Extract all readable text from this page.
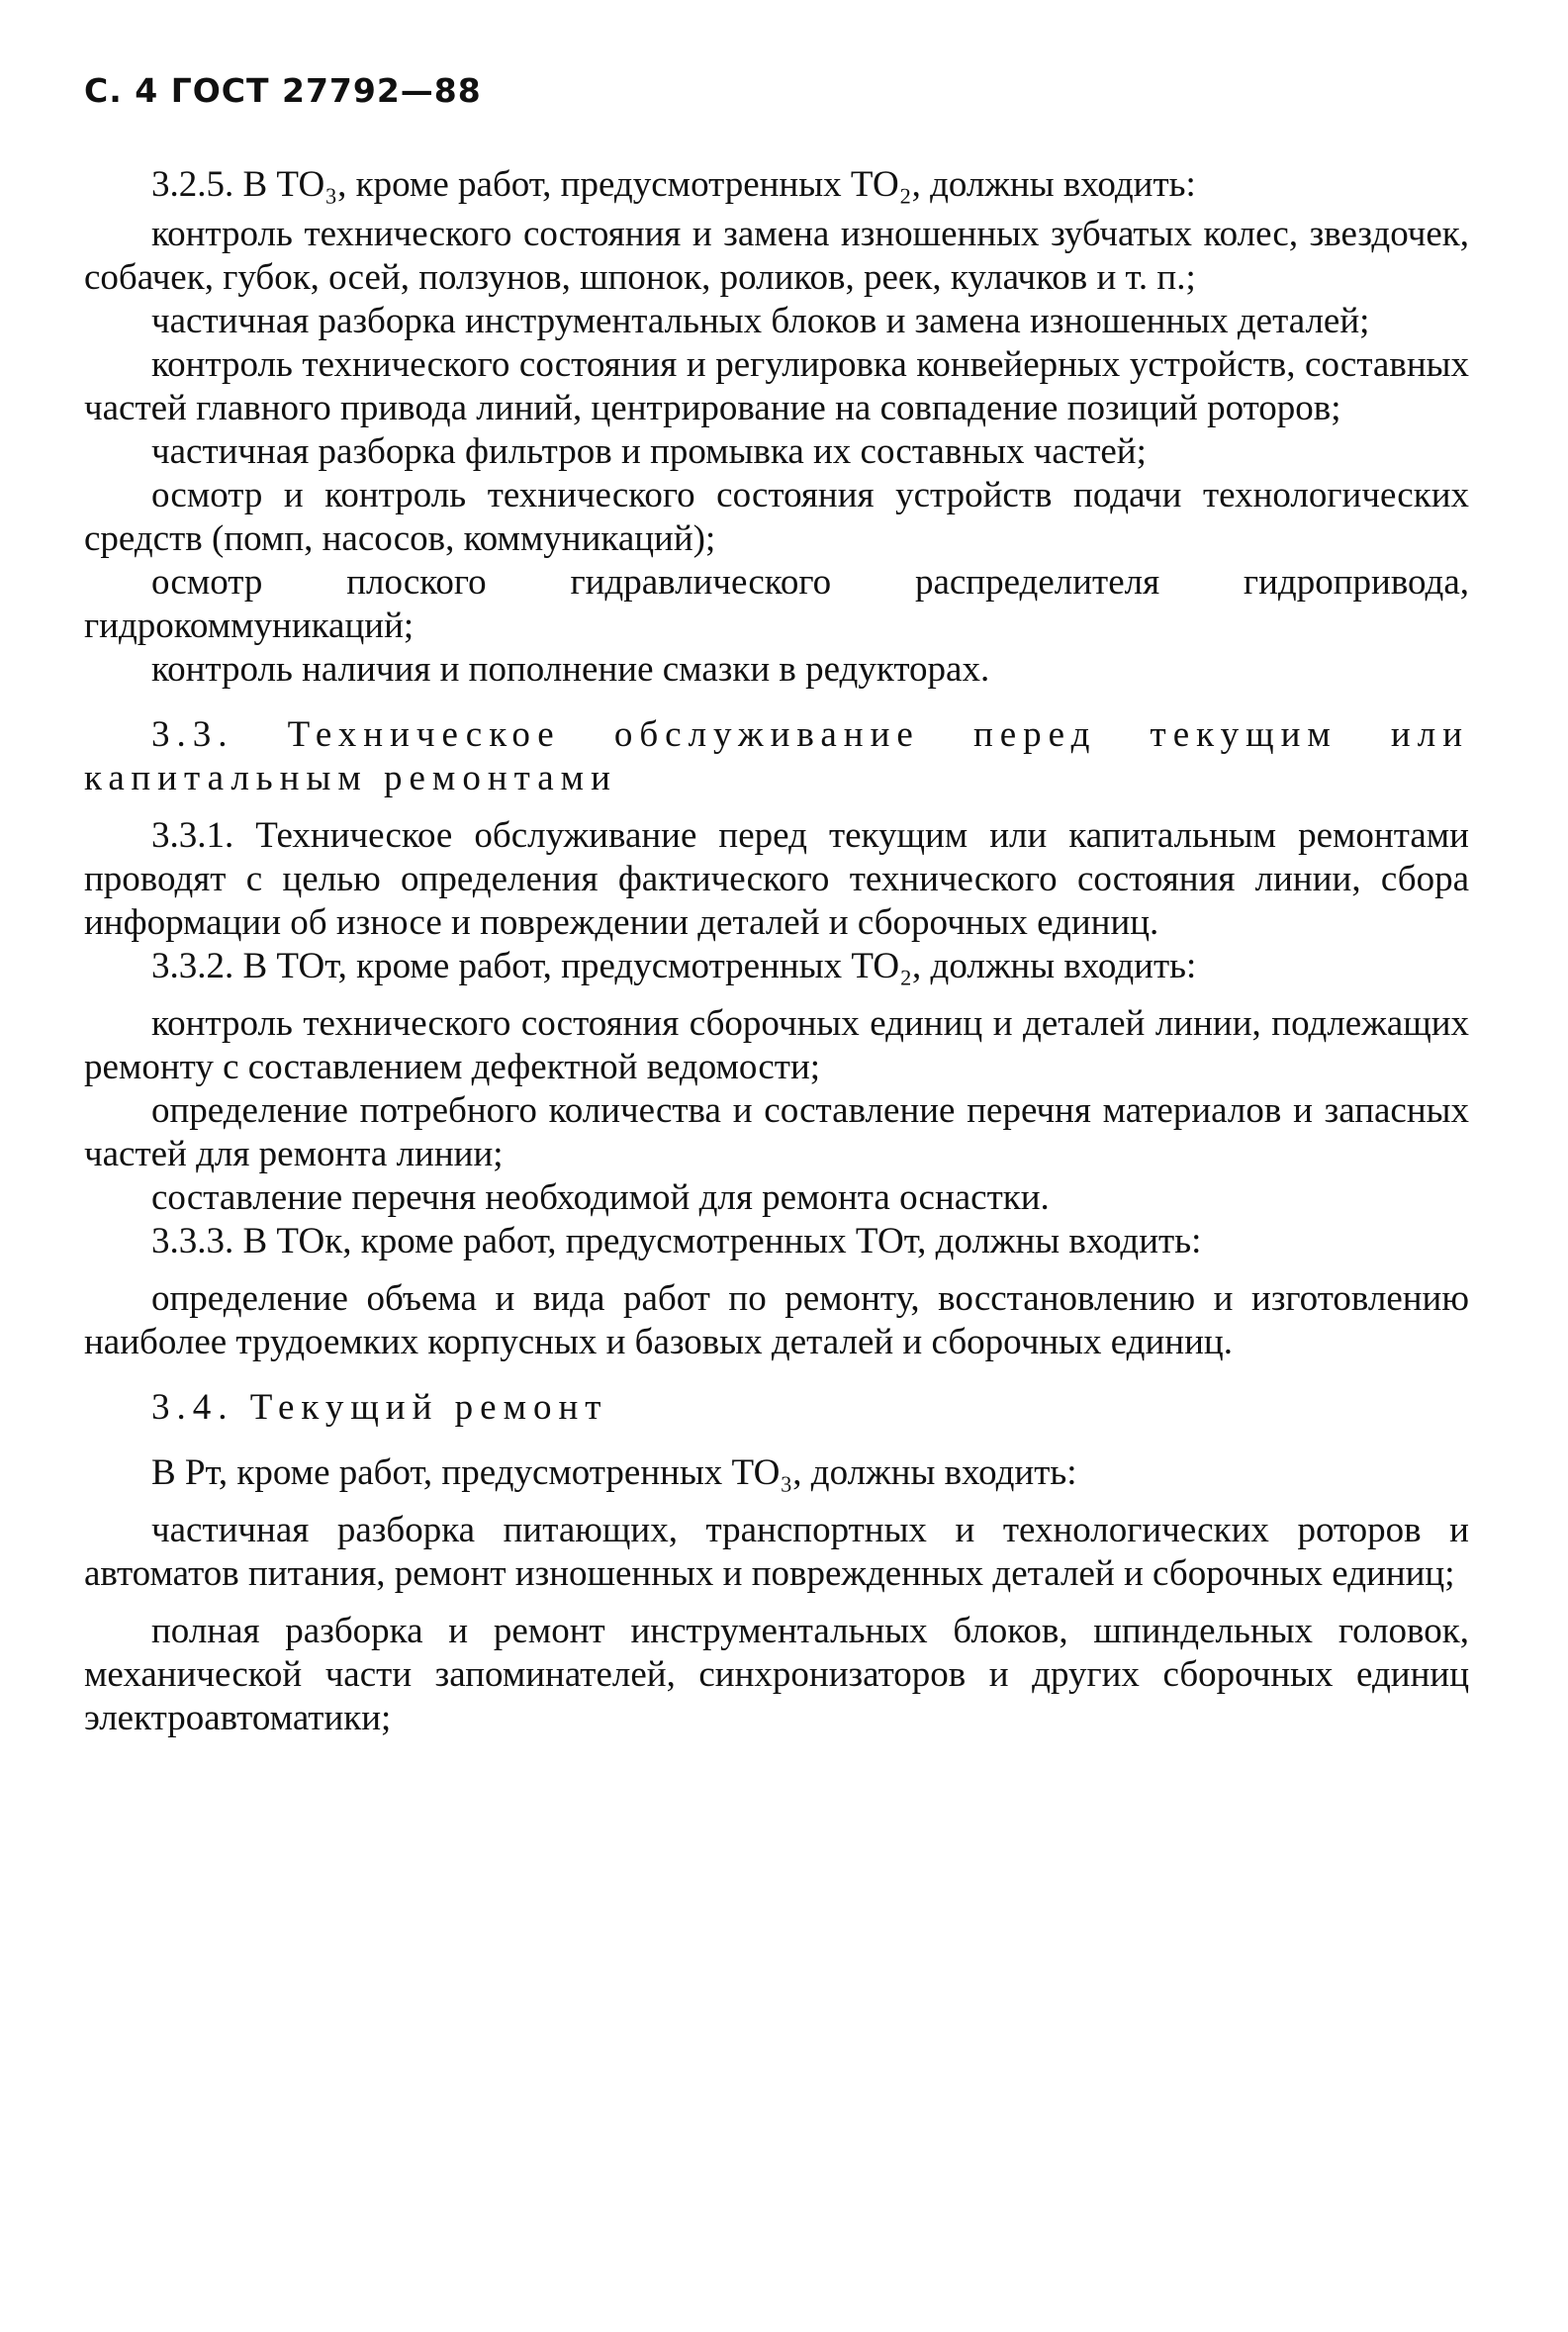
С. 4 ГОСТ 27792—88

3.2.5. В ТО₃, кроме работ, предусмотренных ТО₂, должны входить:

контроль технического состояния и замена изношенных зубчатых колес, звездочек, собачек, губок, осей, ползунов, шпонок, роликов, реек, кулачков и т. п.;

частичная разборка инструментальных блоков и замена изношенных деталей;

контроль технического состояния и регулировка конвейерных устройств, составных частей главного привода линий, центрирование на совпадение позиций роторов;

частичная разборка фильтров и промывка их составных частей;

осмотр и контроль технического состояния устройств подачи технологических средств (помп, насосов, коммуникаций);

осмотр плоского гидравлического распределителя гидропривода, гидрокоммуникаций;

контроль наличия и пополнение смазки в редукторах.

3.3. Техническое обслуживание перед текущим или капитальным ремонтами

3.3.1. Техническое обслуживание перед текущим или капитальным ремонтами проводят с целью определения фактического технического состояния линии, сбора информации об износе и повреждении деталей и сборочных единиц.

3.3.2. В ТОт, кроме работ, предусмотренных ТО₂, должны входить:

контроль технического состояния сборочных единиц и деталей линии, подлежащих ремонту с составлением дефектной ведомости;

определение потребного количества и составление перечня материалов и запасных частей для ремонта линии;

составление перечня необходимой для ремонта оснастки.

3.3.3. В ТОк, кроме работ, предусмотренных ТОт, должны входить:

определение объема и вида работ по ремонту, восстановлению и изготовлению наиболее трудоемких корпусных и базовых деталей и сборочных единиц.

3.4. Текущий ремонт

В Рт, кроме работ, предусмотренных ТО₃, должны входить:

частичная разборка питающих, транспортных и технологических роторов и автоматов питания, ремонт изношенных и поврежденных деталей и сборочных единиц;

полная разборка и ремонт инструментальных блоков, шпиндельных головок, механической части запоминателей, синхронизаторов и других сборочных единиц электроавтоматики;
